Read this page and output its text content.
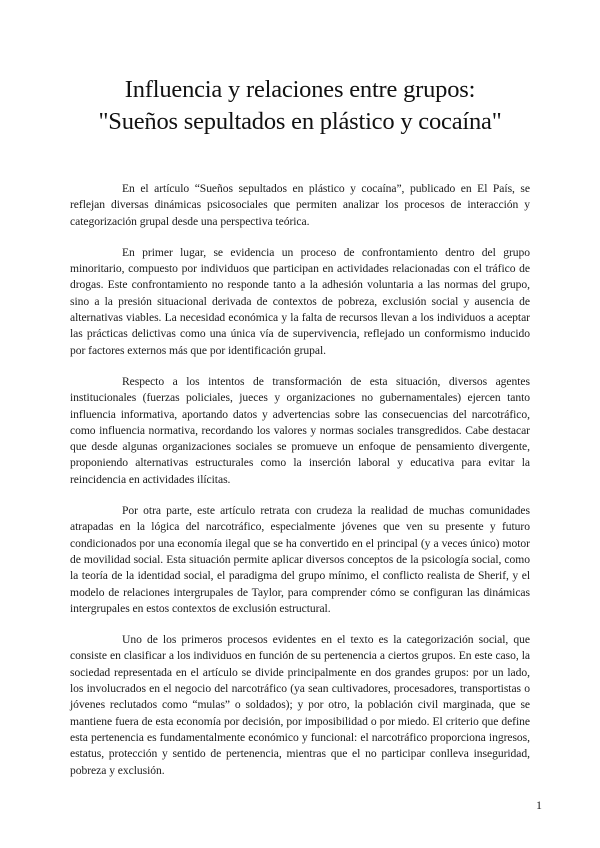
Influencia y relaciones entre grupos:
"Sueños sepultados en plástico y cocaína"

En el artículo “Sueños sepultados en plástico y cocaína”, publicado en El País, se reflejan diversas dinámicas psicosociales que permiten analizar los procesos de interacción y categorización grupal desde una perspectiva teórica.

En primer lugar, se evidencia un proceso de confrontamiento dentro del grupo minoritario, compuesto por individuos que participan en actividades relacionadas con el tráfico de drogas. Este confrontamiento no responde tanto a la adhesión voluntaria a las normas del grupo, sino a la presión situacional derivada de contextos de pobreza, exclusión social y ausencia de alternativas viables. La necesidad económica y la falta de recursos llevan a los individuos a aceptar las prácticas delictivas como una única vía de supervivencia, reflejado un conformismo inducido por factores externos más que por identificación grupal.

Respecto a los intentos de transformación de esta situación, diversos agentes institucionales (fuerzas policiales, jueces y organizaciones no gubernamentales) ejercen tanto influencia informativa, aportando datos y advertencias sobre las consecuencias del narcotráfico, como influencia normativa, recordando los valores y normas sociales transgredidos. Cabe destacar que desde algunas organizaciones sociales se promueve un enfoque de pensamiento divergente, proponiendo alternativas estructurales como la inserción laboral y educativa para evitar la reincidencia en actividades ilícitas.

Por otra parte, este artículo retrata con crudeza la realidad de muchas comunidades atrapadas en la lógica del narcotráfico, especialmente jóvenes que ven su presente y futuro condicionados por una economía ilegal que se ha convertido en el principal (y a veces único) motor de movilidad social. Esta situación permite aplicar diversos conceptos de la psicología social, como la teoría de la identidad social, el paradigma del grupo mínimo, el conflicto realista de Sherif, y el modelo de relaciones intergrupales de Taylor, para comprender cómo se configuran las dinámicas intergrupales en estos contextos de exclusión estructural.

Uno de los primeros procesos evidentes en el texto es la categorización social, que consiste en clasificar a los individuos en función de su pertenencia a ciertos grupos. En este caso, la sociedad representada en el artículo se divide principalmente en dos grandes grupos: por un lado, los involucrados en el negocio del narcotráfico (ya sean cultivadores, procesadores, transportistas o jóvenes reclutados como “mulas” o soldados); y por otro, la población civil marginada, que se mantiene fuera de esta economía por decisión, por imposibilidad o por miedo. El criterio que define esta pertenencia es fundamentalmente económico y funcional: el narcotráfico proporciona ingresos, estatus, protección y sentido de pertenencia, mientras que el no participar conlleva inseguridad, pobreza y exclusión.

1
